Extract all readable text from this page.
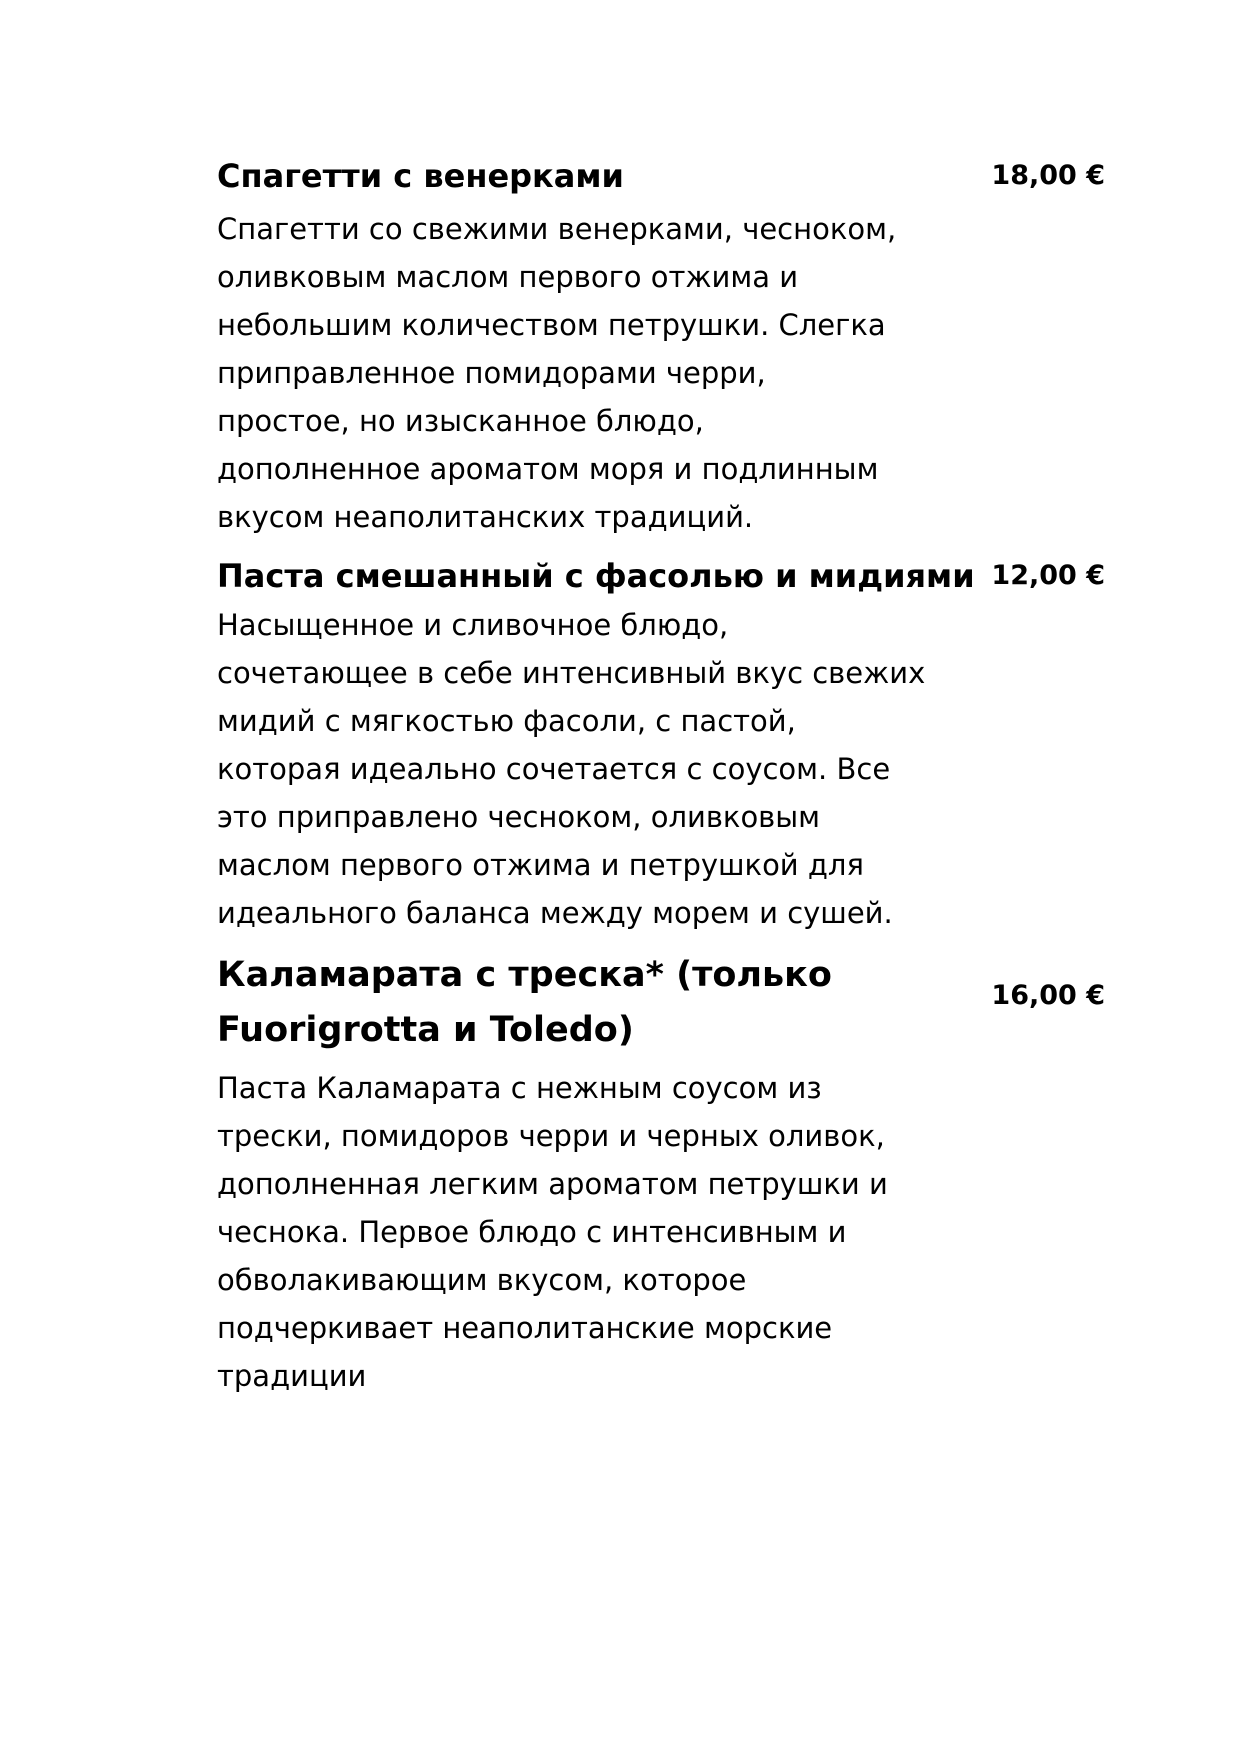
Спагетти с венерками	18,00 €
Спагетти со свежими венерками, чесноком,
оливковым маслом первого отжима и
небольшим количеством петрушки. Слегка
приправленное помидорами черри,
простое, но изысканное блюдо,
дополненное ароматом моря и подлинным
вкусом неаполитанских традиций.
Паста смешанный с фасолью и мидиями 12,00 €
Насыщенное и сливочное блюдо,
сочетающее в себе интенсивный вкус свежих
мидий с мягкостью фасоли, с пастой,
которая идеально сочетается с соусом. Все
это приправлено чесноком, оливковым
маслом первого отжима и петрушкой для
идеального баланса между морем и сушей.
Каламарата с треска* (только
Fuorigrotta и Toledo)
16,00 €
Паста Каламарата с нежным соусом из
трески, помидоров черри и черных оливок,
дополненная легким ароматом петрушки и
чеснока. Первое блюдо с интенсивным и
обволакивающим вкусом, которое
подчеркивает неаполитанские морские
традиции
